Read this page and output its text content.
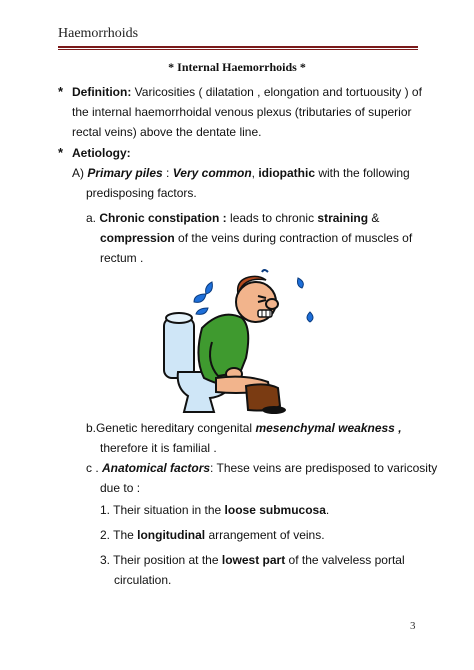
Haemorrhoids
* Internal Haemorrhoids *
* Definition: Varicosities ( dilatation , elongation and tortuousity ) of
the internal haemorrhoidal venous plexus (tributaries of superior
rectal veins) above the dentate line.
* Aetiology:
A) Primary piles : Very common, idiopathic with the following
predisposing factors.
a. Chronic constipation : leads to chronic straining &
compression of the veins during contraction of muscles of
rectum .
b.Genetic hereditary congenital mesenchymal weakness ,
therefore it is familial .
c . Anatomical factors: These veins are predisposed to varicosity
due to :
1. Their situation in the loose submucosa.
2. The longitudinal arrangement of veins.
3. Their position at the lowest part of the valveless portal
circulation.
3
